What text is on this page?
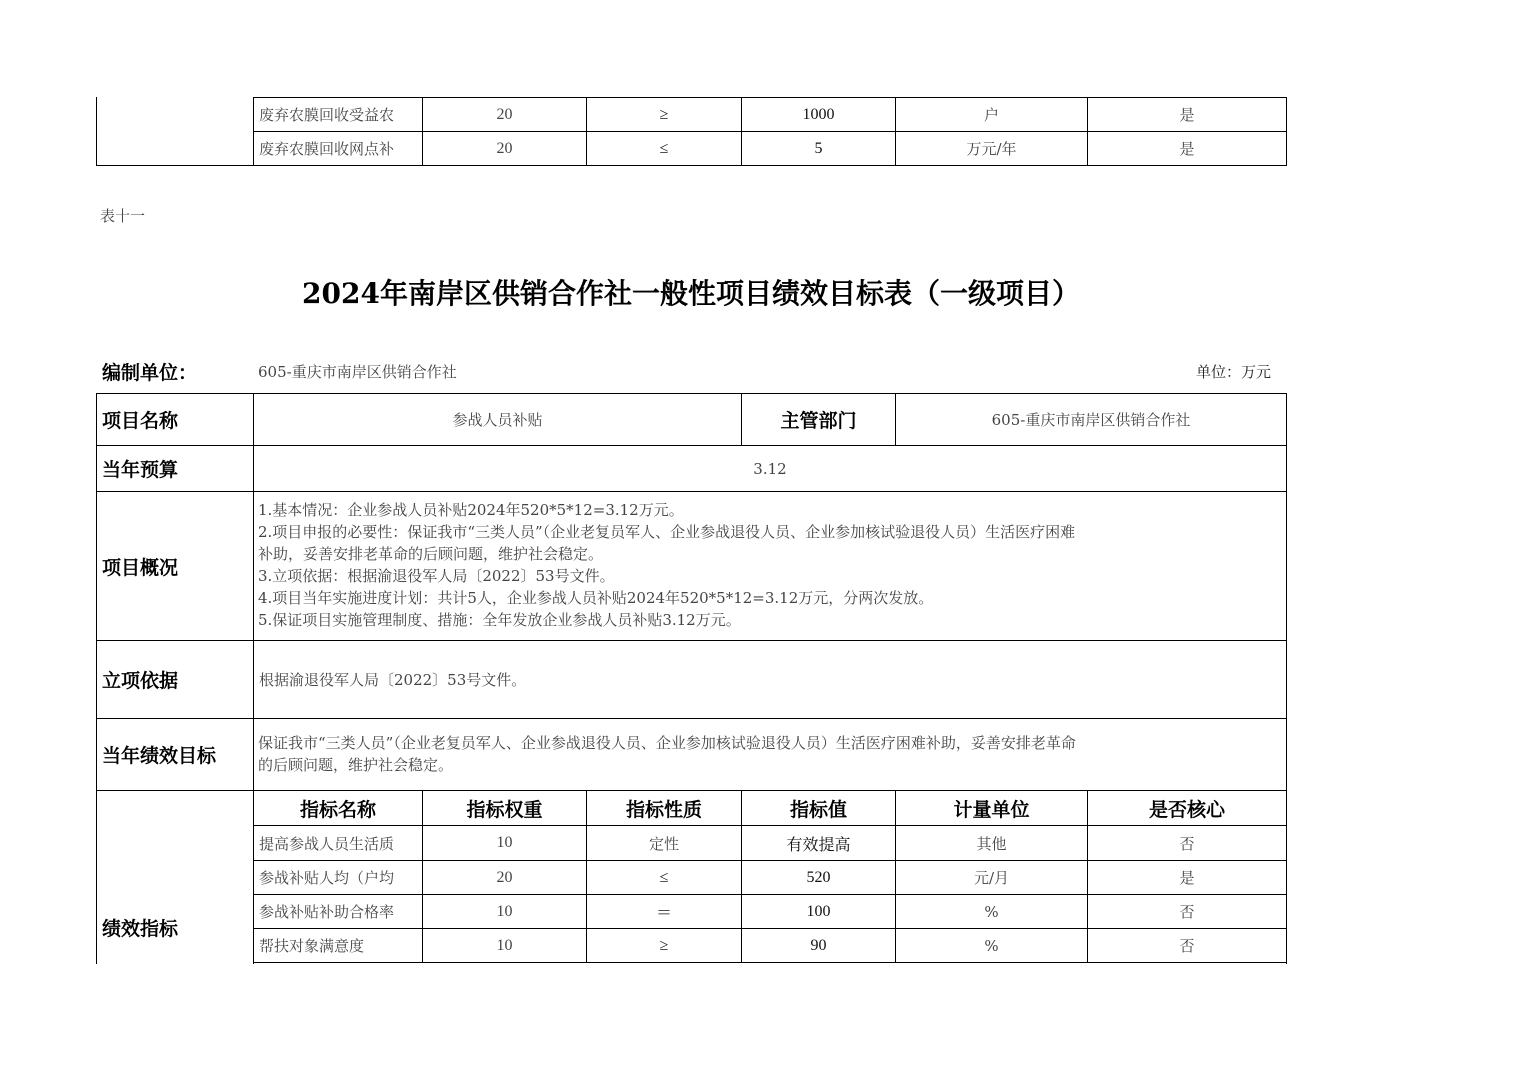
废弃农膜回收受益农	20	≥	1000	户	是
废弃农膜回收网点补	20	≤	5	万元/年	是
表十一
2024年南岸区供销合作社一般性项目绩效目标表（一级项目）
编制单位：	605-重庆市南岸区供销合作社	单位：万元
项目名称	参战人员补贴	主管部门	605-重庆市南岸区供销合作社
当年预算	3.12
项目概况
1.基本情况：企业参战人员补贴2024年520*5*12=3.12万元。
2.项目申报的必要性：保证我市“三类人员”（企业老复员军人、企业参战退役人员、企业参加核试验退役人员）生活医疗困难
补助，妥善安排老革命的后顾问题，维护社会稳定。
3.立项依据：根据渝退役军人局〔2022〕53号文件。
4.项目当年实施进度计划：共计5人，企业参战人员补贴2024年520*5*12=3.12万元，分两次发放。
5.保证项目实施管理制度、措施：全年发放企业参战人员补贴3.12万元。
立项依据	根据渝退役军人局〔2022〕53号文件。
当年绩效目标
保证我市“三类人员”（企业老复员军人、企业参战退役人员、企业参加核试验退役人员）生活医疗困难补助，妥善安排老革命
的后顾问题，维护社会稳定。
绩效指标
指标名称	指标权重	指标性质	指标值	计量单位	是否核心
提高参战人员生活质	10	定性	有效提高	其他	否
参战补贴人均（户均	20	≤	520	元/月	是
参战补贴补助合格率	10	＝	100	%	否
帮扶对象满意度	10	≥	90	%	否
